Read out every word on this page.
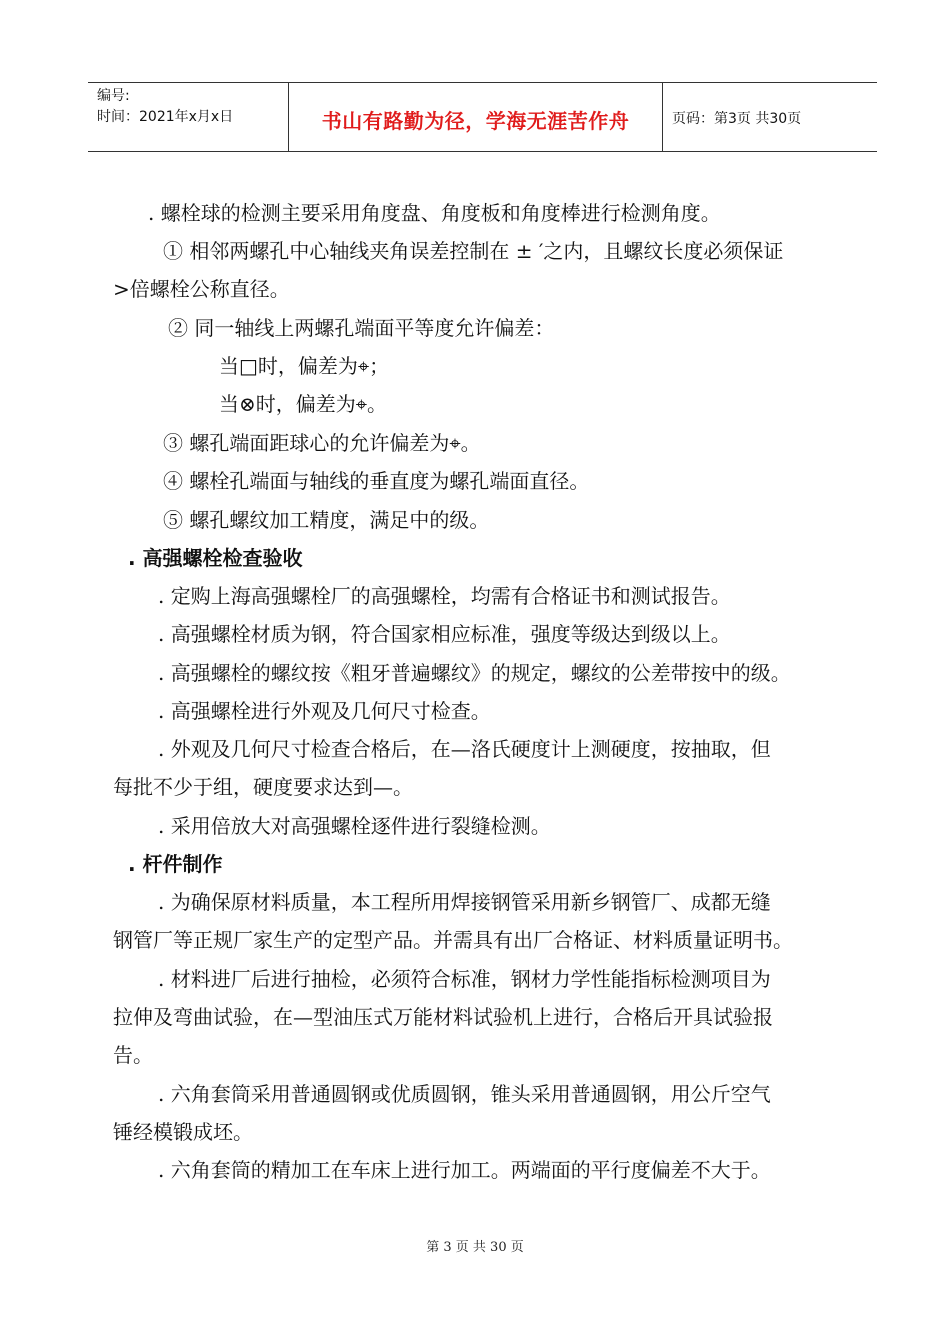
编号:
时间：2021年x月x日	书山有路勤为径，学海无涯苦作舟	页码：第3页 共30页
. 螺栓球的检测主要采用角度盘、角度板和角度棒进行检测角度。
① 相邻两螺孔中心轴线夹角误差控制在 ± ′之内，且螺纹长度必须保证
>倍螺栓公称直径。
② 同一轴线上两螺孔端面平等度允许偏差：
当□时，偏差为⌖；
当⊗时，偏差为⌖。
③ 螺孔端面距球心的允许偏差为⌖。
④ 螺栓孔端面与轴线的垂直度为螺孔端面直径。
⑤ 螺孔螺纹加工精度，满足中的级。
. 高强螺栓检查验收
. 定购上海高强螺栓厂的高强螺栓，均需有合格证书和测试报告。
. 高强螺栓材质为钢，符合国家相应标准，强度等级达到级以上。
. 高强螺栓的螺纹按《粗牙普遍螺纹》的规定，螺纹的公差带按中的级。
. 高强螺栓进行外观及几何尺寸检查。
. 外观及几何尺寸检查合格后，在—洛氏硬度计上测硬度，按抽取，但
每批不少于组，硬度要求达到—。
. 采用倍放大对高强螺栓逐件进行裂缝检测。
. 杆件制作
. 为确保原材料质量，本工程所用焊接钢管采用新乡钢管厂、成都无缝
钢管厂等正规厂家生产的定型产品。并需具有出厂合格证、材料质量证明书。
. 材料进厂后进行抽检，必须符合标准，钢材力学性能指标检测项目为
拉伸及弯曲试验，在—型油压式万能材料试验机上进行，合格后开具试验报
告。
. 六角套筒采用普通圆钢或优质圆钢，锥头采用普通圆钢，用公斤空气
锤经模锻成坯。
. 六角套筒的精加工在车床上进行加工。两端面的平行度偏差不大于。
第 3 页 共 30 页
